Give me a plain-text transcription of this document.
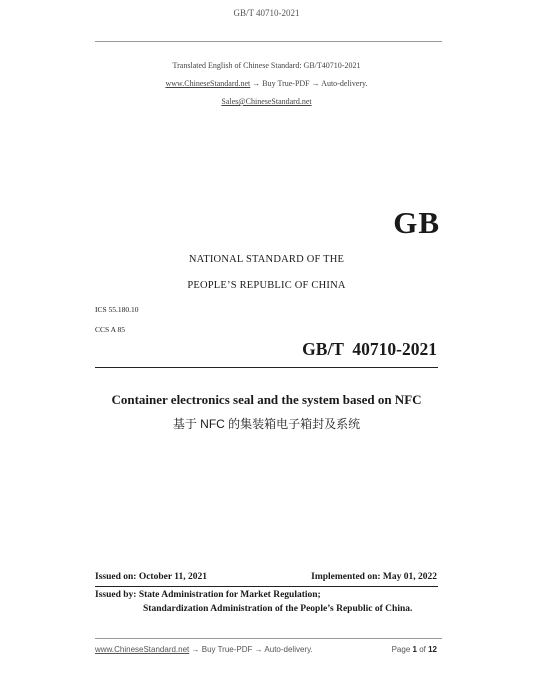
GB/T 40710-2021
Translated English of Chinese Standard: GB/T40710-2021
www.ChineseStandard.net → Buy True-PDF → Auto-delivery.
Sales@ChineseStandard.net
GB
NATIONAL STANDARD OF THE
PEOPLE’S REPUBLIC OF CHINA
ICS 55.180.10
CCS A 85
GB/T  40710-2021
Container electronics seal and the system based on NFC
基于 NFC 的集装箱电子箱封及系统
Issued on: October 11, 2021	Implemented on: May 01, 2022
Issued by: State Administration for Market Regulation;
Standardization Administration of the People’s Republic of China.
www.ChineseStandard.net → Buy True-PDF → Auto-delivery.	Page 1 of 12
